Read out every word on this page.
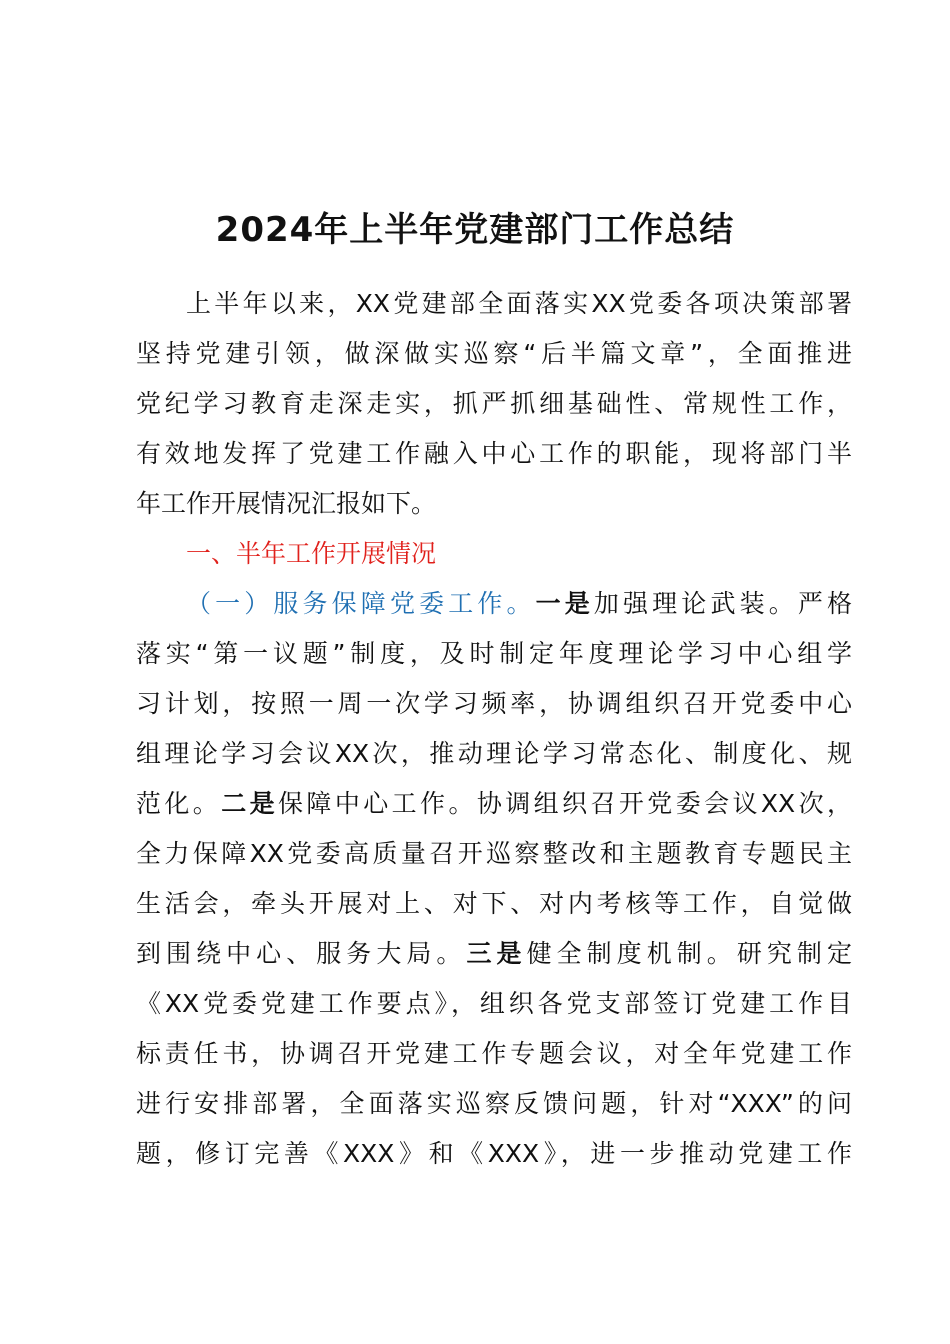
2024年上半年党建部门工作总结
上半年以来，XX党建部全面落实XX党委各项决策部署
坚持党建引领，做深做实巡察“后半篇文章”，全面推进
党纪学习教育走深走实，抓严抓细基础性、常规性工作，
有效地发挥了党建工作融入中心工作的职能，现将部门半
年工作开展情况汇报如下。
一、半年工作开展情况
（一）服务保障党委工作。一是加强理论武装。严格
落实“第一议题”制度，及时制定年度理论学习中心组学
习计划，按照一周一次学习频率，协调组织召开党委中心
组理论学习会议XX次，推动理论学习常态化、制度化、规
范化。二是保障中心工作。协调组织召开党委会议XX次，
全力保障XX党委高质量召开巡察整改和主题教育专题民主
生活会，牵头开展对上、对下、对内考核等工作，自觉做
到围绕中心、服务大局。三是健全制度机制。研究制定
《XX党委党建工作要点》，组织各党支部签订党建工作目
标责任书，协调召开党建工作专题会议，对全年党建工作
进行安排部署，全面落实巡察反馈问题，针对“XXX”的问
题，修订完善《XXX》和《XXX》，进一步推动党建工作
